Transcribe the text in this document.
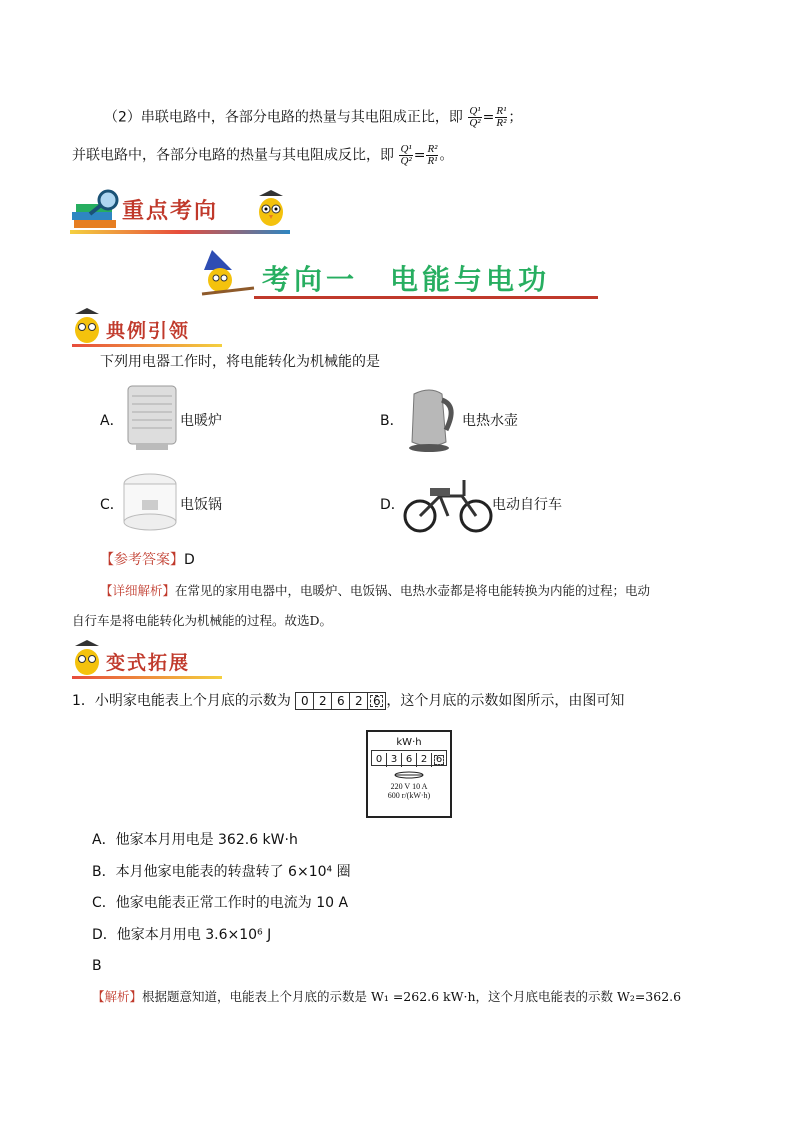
（2）串联电路中，各部分电路的热量与其电阻成正比，即 $\frac{\text{Q¹}}{\text{Q²}} = \frac{\text{R¹}}{\text{R²}}$ ；
并联电路中，各部分电路的热量与其电阻成反比，即 $\frac{\text{Q¹}}{\text{Q²}} = \frac{\text{R²}}{\text{R¹}}$ 。
重点考向
考向一　电能与电功
典例引领
下列用电器工作时，将电能转化为机械能的是
A．	电暖炉	B．	电热水壶
C．	电饭锅	D．	电动自行车
【参考答案】D
【详细解析】在常见的家用电器中，电暖炉、电饭锅、电热水壶都是将电能转换为内能的过程；电动
自行车是将电能转化为机械能的过程。故选D。
变式拓展
1．小明家电能表上个月底的示数为 0 2 6 2 6 ，这个月底的示数如图所示，由图可知
kW·h
0 3 6 2 6
220 V 10 A
600 r/(kW·h)
A．他家本月用电是 362.6 kW·h
B．本月他家电能表的转盘转了 6×10⁴ 圈
C．他家电能表正常工作时的电流为 10 A
D．他家本月用电 3.6×10⁶ J
B
【解析】根据题意知道，电能表上个月底的示数是 W₁ =262.6 kW·h，这个月底电能表的示数 W₂=362.6
